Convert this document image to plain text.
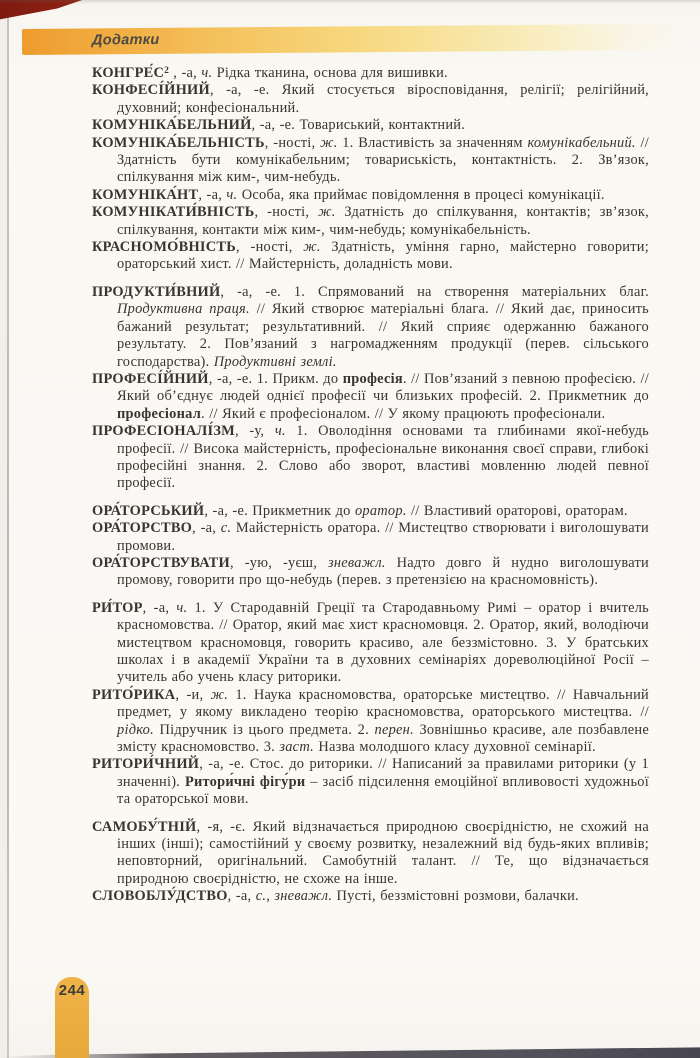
Додатки

$КОНГРЕ́С^2$ , -а, ч. Рідка тканина, основа для вишивки.

КОНФЕСІ́ЙНИЙ, -а, -е. Який стосується віросповідання, релігії; релігійний, духовний; конфесіональний.

КОМУНІКА́БЕЛЬНИЙ, -а, -е. Товариський, контактний.

КОМУНІКА́БЕЛЬНІСТЬ, -ності, ж. 1. Властивість за значенням комунікабельний. // Здатність бути комунікабельним; товариськість, контактність. 2. Зв’язок, спілкування між ким-, чим-небудь.

КОМУНІКА́НТ, -а, ч. Особа, яка приймає повідомлення в процесі комунікації.

КОМУНІКАТИ́ВНІСТЬ, -ності, ж. Здатність до спілкування, контактів; зв’язок, спілкування, контакти між ким-, чим-небудь; комунікабельність.

КРАСНОМО́ВНІСТЬ, -ності, ж. Здатність, уміння гарно, майстерно говорити; ораторський хист. // Майстерність, доладність мови.

ПРОДУКТИ́ВНИЙ, -а, -е. 1. Спрямований на створення матеріальних благ. Продуктивна праця. // Який створює матеріальні блага. // Який дає, приносить бажаний результат; результативний. // Який сприяє одержанню бажаного результату. 2. Пов’язаний з нагромадженням продукції (перев. сільського господарства). Продуктивні землі.

ПРОФЕСІ́ЙНИЙ, -а, -е. 1. Прикм. до професія. // Пов’язаний з певною професією. // Який об’єднує людей однієї професії чи близьких професій. 2. Прикметник до професіонал. // Який є професіоналом. // У якому працюють професіонали.

ПРОФЕСІОНАЛІ́ЗМ, -у, ч. 1. Оволодіння основами та глибинами якої-небудь професії. // Висока майстерність, професіональне виконання своєї справи, глибокі професійні знання. 2. Слово або зворот, властиві мовленню людей певної професії.

ОРА́ТОРСЬКИЙ, -а, -е. Прикметник до оратор. // Властивий ораторові, ораторам.

ОРА́ТОРСТВО, -а, с. Майстерність оратора. // Мистецтво створювати і виголошувати промови.

ОРА́ТОРСТВУВАТИ, -ую, -уєш, зневажл. Надто довго й нудно виголошувати промову, говорити про що-небудь (перев. з претензією на красномовність).

РИ́ТОР, -а, ч. 1. У Стародавній Греції та Стародавньому Римі – оратор і вчитель красномовства. // Оратор, який має хист красномовця. 2. Оратор, який, володіючи мистецтвом красномовця, говорить красиво, але беззмістовно. 3. У братських школах і в академії України та в духовних семінаріях дореволюційної Росії – учитель або учень класу риторики.

РИТО́РИКА, -и, ж. 1. Наука красномовства, ораторське мистецтво. // Навчальний предмет, у якому викладено теорію красномовства, ораторського мистецтва. // рідко. Підручник із цього предмета. 2. перен. Зовнішньо красиве, але позбавлене змісту красномовство. 3. заст. Назва молодшого класу духовної семінарії.

РИТОРИ́ЧНИЙ, -а, -е. Стос. до риторики. // Написаний за правилами риторики (у 1 значенні). Ритори́чні фігу́ри – засіб підсилення емоційної впливовості художньої та ораторської мови.

САМОБУ́ТНІЙ, -я, -є. Який відзначається природною своєрідністю, не схожий на інших (інші); самостійний у своєму розвитку, незалежний від будь-яких впливів; неповторний, оригінальний. Самобутній талант. // Те, що відзначається природною своєрідністю, не схоже на інше.

СЛОВОБЛУ́ДСТВО, -а, с., зневажл. Пусті, беззмістовні розмови, балачки.

244
